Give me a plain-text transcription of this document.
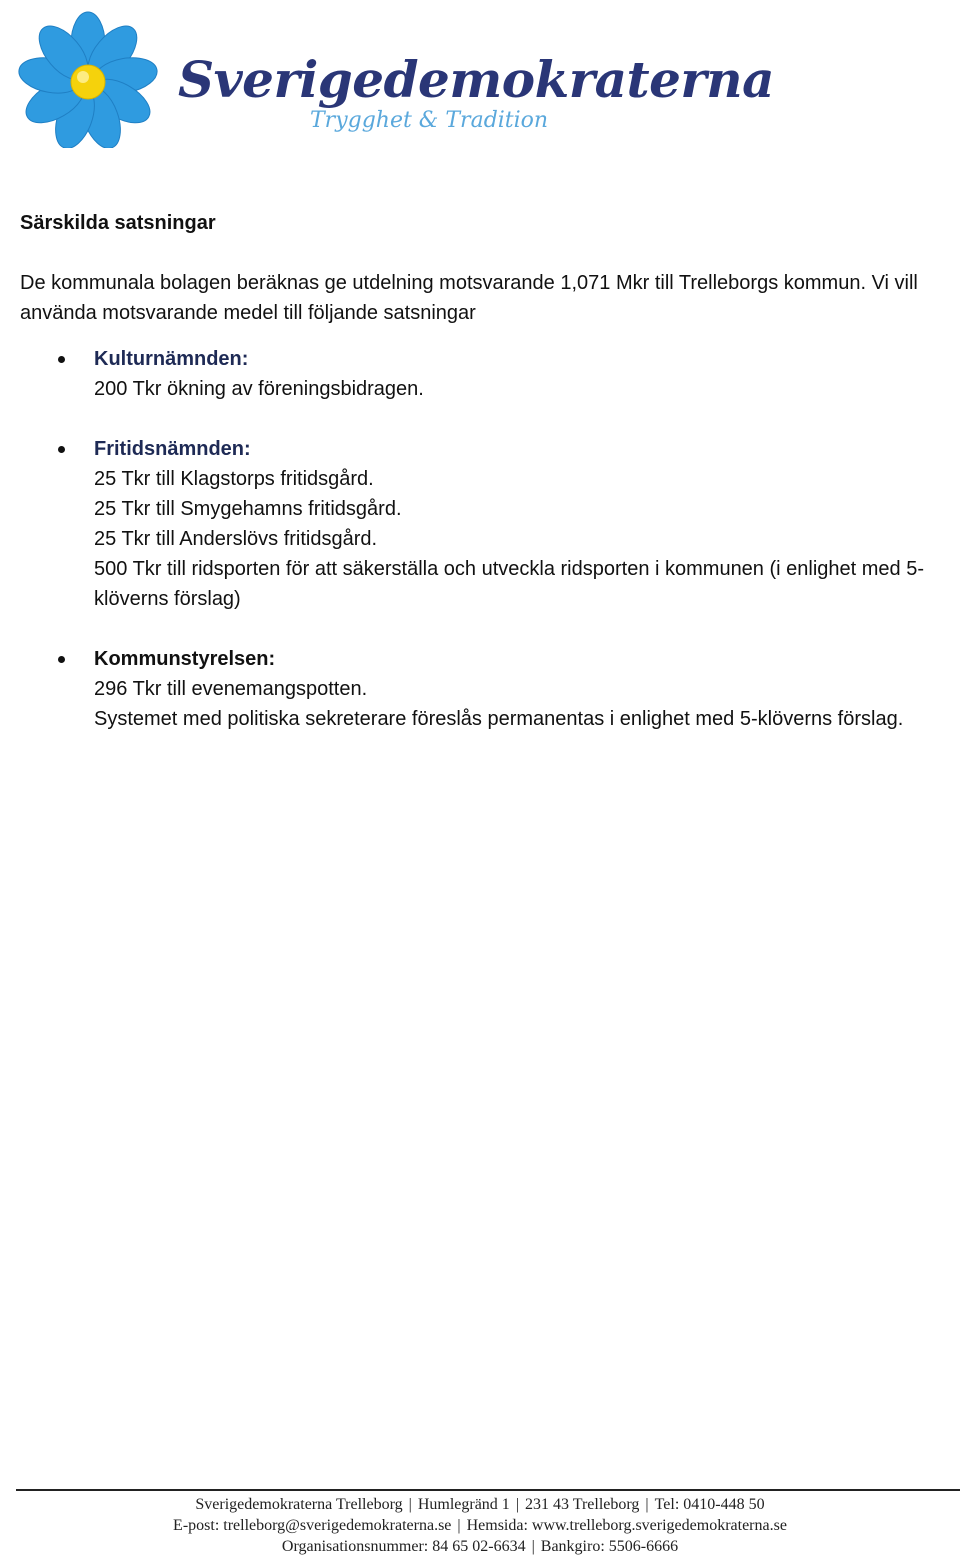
Sverigedemokraterna
Trygghet & Tradition

Särskilda satsningar

De kommunala bolagen beräknas ge utdelning motsvarande 1,071 Mkr till Trelleborgs kommun. Vi vill använda motsvarande medel till följande satsningar

Kulturnämnden:
200 Tkr ökning av föreningsbidragen.
Fritidsnämnden:
25 Tkr till Klagstorps fritidsgård.
25 Tkr till Smygehamns fritidsgård.
25 Tkr till Anderslövs fritidsgård.
500 Tkr till ridsporten för att säkerställa och utveckla ridsporten i kommunen (i enlighet med 5-klöverns förslag)
Kommunstyrelsen:
296 Tkr till evenemangspotten.
Systemet med politiska sekreterare föreslås permanentas i enlighet med 5-klöverns förslag.
Sverigedemokraterna Trelleborg | Humlegränd 1 | 231 43 Trelleborg | Tel: 0410-448 50
E-post: trelleborg@sverigedemokraterna.se | Hemsida: www.trelleborg.sverigedemokraterna.se
Organisationsnummer: 84 65 02-6634 | Bankgiro: 5506-6666
